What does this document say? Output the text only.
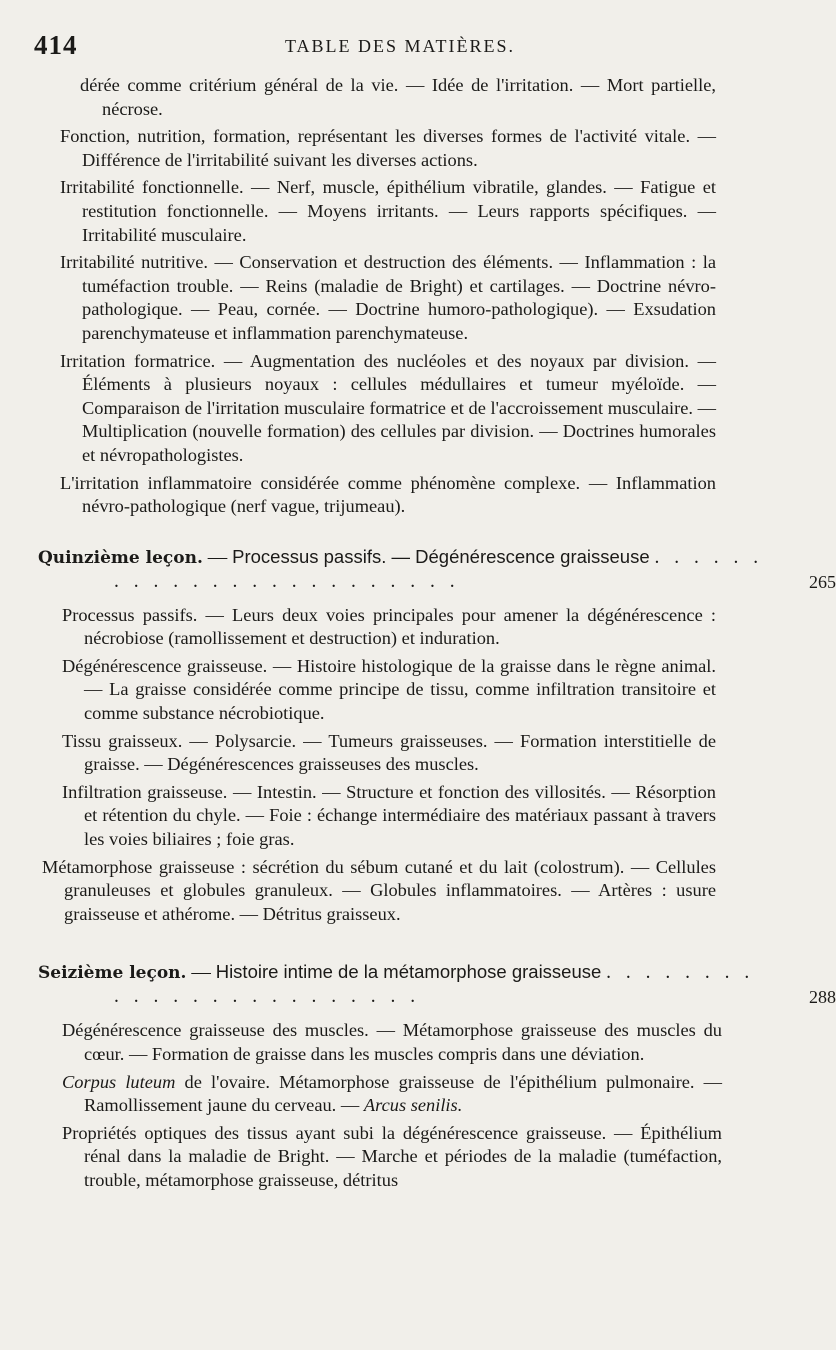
414	TABLE DES MATIÈRES.

dérée comme critérium général de la vie. — Idée de l'irritation. — Mort partielle, nécrose.

Fonction, nutrition, formation, représentant les diverses formes de l'activité vitale. — Différence de l'irritabilité suivant les diverses actions.

Irritabilité fonctionnelle. — Nerf, muscle, épithélium vibratile, glandes. — Fatigue et restitution fonctionnelle. — Moyens irritants. — Leurs rapports spécifiques. — Irritabilité musculaire.

Irritabilité nutritive. — Conservation et destruction des éléments. — Inflammation : la tuméfaction trouble. — Reins (maladie de Bright) et cartilages. — Doctrine névro-pathologique. — Peau, cornée. — Doctrine humoro-pathologique). — Exsudation parenchymateuse et inflammation parenchymateuse.

Irritation formatrice. — Augmentation des nucléoles et des noyaux par division. — Éléments à plusieurs noyaux : cellules médullaires et tumeur myéloïde. — Comparaison de l'irritation musculaire formatrice et de l'accroissement musculaire. — Multiplication (nouvelle formation) des cellules par division. — Doctrines humorales et névropathologistes.

L'irritation inflammatoire considérée comme phénomène complexe. — Inflammation névro-pathologique (nerf vague, trijumeau).

Quinzième leçon. — Processus passifs. — Dégénérescence graisseuse . . . . . . . . . . . . . . . . . . . . . . . .	265

Processus passifs. — Leurs deux voies principales pour amener la dégénérescence : nécrobiose (ramollissement et destruction) et induration.

Dégénérescence graisseuse. — Histoire histologique de la graisse dans le règne animal. — La graisse considérée comme principe de tissu, comme infiltration transitoire et comme substance nécrobiotique.

Tissu graisseux. — Polysarcie. — Tumeurs graisseuses. — Formation interstitielle de graisse. — Dégénérescences graisseuses des muscles.

Infiltration graisseuse. — Intestin. — Structure et fonction des villosités. — Résorption et rétention du chyle. — Foie : échange intermédiaire des matériaux passant à travers les voies biliaires ; foie gras.

Métamorphose graisseuse : sécrétion du sébum cutané et du lait (colostrum). — Cellules granuleuses et globules granuleux. — Globules inflammatoires. — Artères : usure graisseuse et athérome. — Détritus graisseux.

Seizième leçon. — Histoire intime de la métamorphose graisseuse . . . . . . . . . . . . . . . . . . . . . . . .	288

Dégénérescence graisseuse des muscles. — Métamorphose graisseuse des muscles du cœur. — Formation de graisse dans les muscles compris dans une déviation.

Corpus luteum de l'ovaire. Métamorphose graisseuse de l'épithélium pulmonaire. — Ramollissement jaune du cerveau. — Arcus senilis.

Propriétés optiques des tissus ayant subi la dégénérescence graisseuse. — Épithélium rénal dans la maladie de Bright. — Marche et périodes de la maladie (tuméfaction, trouble, métamorphose graisseuse, détritus
